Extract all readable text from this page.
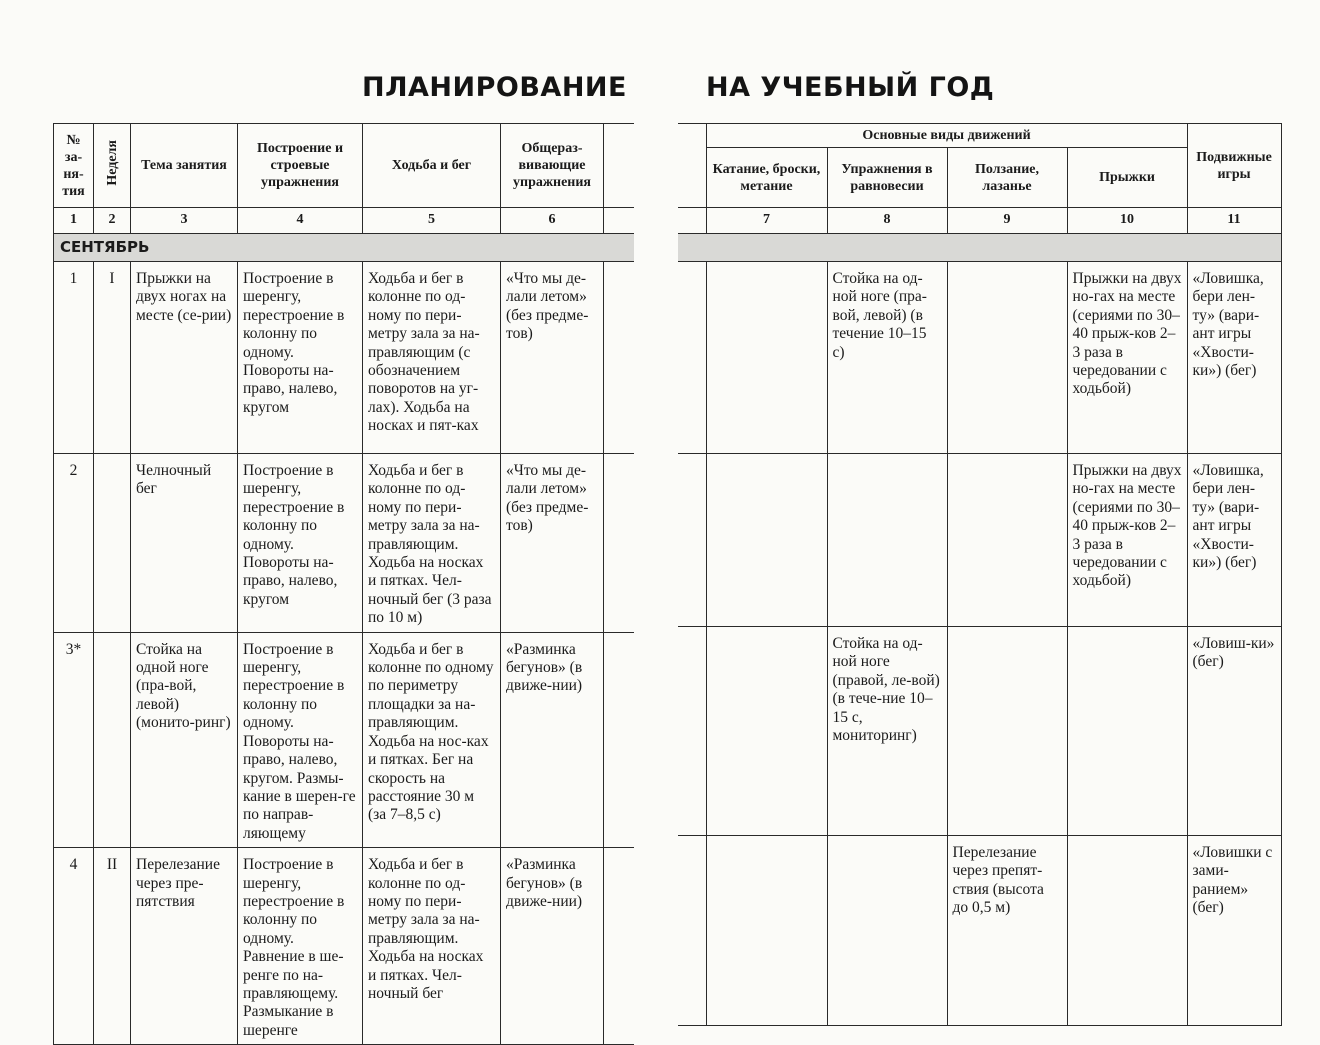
ПЛАНИРОВАНИЕ	НА УЧЕБНЫЙ ГОД
№ за-ня-тия	Неделя	Тема занятия	Построение и строевые упражнения	Ходьба и бег	Общераз-вивающие упражнения	
1	2	3	4	5	6	
СЕНТЯБРЬ						
1	I	Прыжки на двух ногах на месте (се-рии)	Построение в шеренгу, перестроение в колонну по одному. Повороты на-право, налево, кругом	Ходьба и бег в колонне по од-ному по пери-метру зала за на-правляющим (с обозначением поворотов на уг-лах). Ходьба на носках и пят-ках	«Что мы де-лали летом» (без предме-тов)	
2		Челночный бег	Построение в шеренгу, перестроение в колонну по одному. Повороты на-право, налево, кругом	Ходьба и бег в колонне по од-ному по пери-метру зала за на-правляющим. Ходьба на носках и пятках. Чел-ночный бег (3 раза по 10 м)	«Что мы де-лали летом» (без предме-тов)	
3*		Стойка на одной ноге (пра-вой, левой) (монито-ринг)	Построение в шеренгу, перестроение в колонну по одному. Повороты на-право, налево, кругом. Размы-кание в шерен-ге по направ-ляющему	Ходьба и бег в колонне по одному по периметру площадки за на-правляющим. Ходьба на нос-ках и пятках. Бег на скорость на расстояние 30 м (за 7–8,5 с)	«Разминка бегунов» (в движе-нии)	
4	II	Перелезание через пре-пятствия	Построение в шеренгу, перестроение в колонну по одному. Равнение в ше-ренге по на-правляющему. Размыкание в шеренге	Ходьба и бег в колонне по од-ному по пери-метру зала за на-правляющим. Ходьба на носках и пятках. Чел-ночный бег	«Разминка бегунов» (в движе-нии)	
	Основные виды движений				Подвижные игры
	Катание, броски, метание	Упражнения в равновесии	Ползание, лазанье	Прыжки	
	7	8	9	10	11

		Стойка на од-ной ноге (пра-вой, левой) (в течение 10–15 с)		Прыжки на двух но-гах на месте (сериями по 30–40 прыж-ков 2–3 раза в чередовании с ходьбой)	«Ловишка, бери лен-ту» (вари-ант игры «Хвости-ки») (бег)
				Прыжки на двух но-гах на месте (сериями по 30–40 прыж-ков 2–3 раза в чередовании с ходьбой)	«Ловишка, бери лен-ту» (вари-ант игры «Хвости-ки») (бег)
		Стойка на од-ной ноге (правой, ле-вой) (в тече-ние 10–15 с, мониторинг)			«Ловиш-ки» (бег)
			Перелезание через препят-ствия (высота до 0,5 м)		«Ловишки с зами-ранием» (бег)
